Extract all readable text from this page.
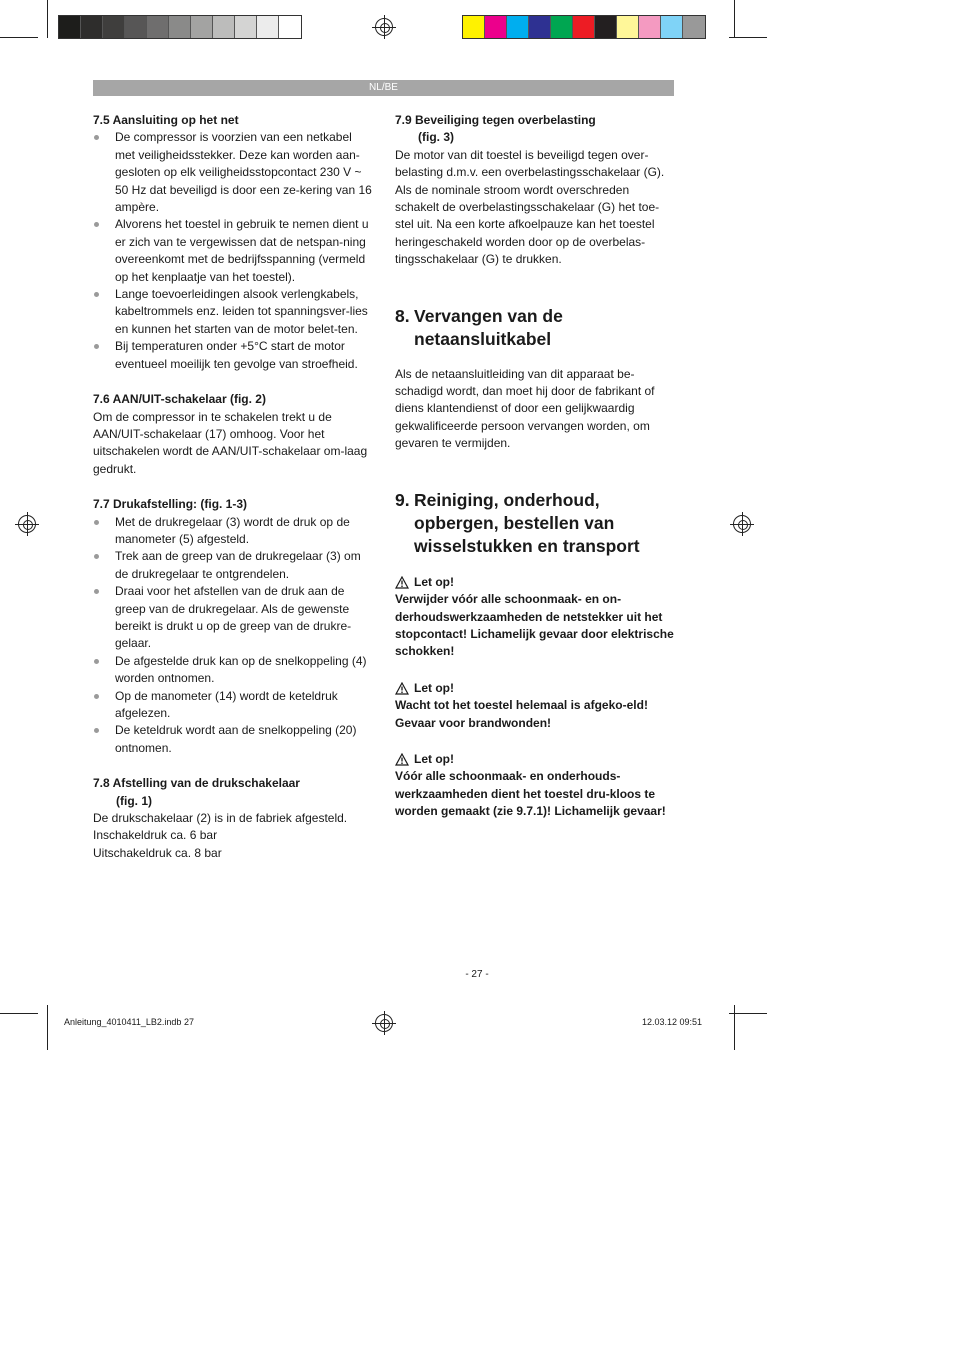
NL/BE

7.5 Aansluiting op het net

De compressor is voorzien van een netkabel met veiligheidsstekker. Deze kan worden aan-gesloten op elk veiligheidsstopcontact 230 V ~ 50 Hz dat beveiligd is door een ze-kering van 16 ampère.
Alvorens het toestel in gebruik te nemen dient u er zich van te vergewissen dat de netspan-ning overeenkomt met de bedrijfsspanning (vermeld op het kenplaatje van het toestel).
Lange toevoerleidingen alsook verlengkabels, kabeltrommels enz. leiden tot spanningsver-lies en kunnen het starten van de motor belet-ten.
Bij temperaturen onder +5°C start de motor eventueel moeilijk ten gevolge van stroefheid.

7.6 AAN/UIT-schakelaar (fig. 2)

Om de compressor in te schakelen trekt u de AAN/UIT-schakelaar (17) omhoog. Voor het uitschakelen wordt de AAN/UIT-schakelaar om-laag gedrukt.

7.7 Drukafstelling: (fig. 1-3)

Met de drukregelaar (3) wordt de druk op de manometer (5) afgesteld.
Trek aan de greep van de drukregelaar (3) om de drukregelaar te ontgrendelen.
Draai voor het afstellen van de druk aan de greep van de drukregelaar. Als de gewenste bereikt is drukt u op de greep van de drukre-gelaar.
De afgestelde druk kan op de snelkoppeling (4) worden ontnomen.
Op de manometer (14) wordt de keteldruk afgelezen.
De keteldruk wordt aan de snelkoppeling (20) ontnomen.

7.8 Afstelling van de drukschakelaar

(fig. 1)

De drukschakelaar (2) is in de fabriek afgesteld.

Inschakeldruk ca. 6 bar

Uitschakeldruk ca. 8 bar

7.9 Beveiliging tegen overbelasting

(fig. 3)

De motor van dit toestel is beveiligd tegen over-belasting d.m.v. een overbelastingsschakelaar (G). Als de nominale stroom wordt overschreden schakelt de overbelastingsschakelaar (G) het toe-stel uit. Na een korte afkoelpauze kan het toestel heringeschakeld worden door op de overbelas-tingsschakelaar (G) te drukken.

8. Vervangen van de
netaansluitkabel

Als de netaansluitleiding van dit apparaat be-schadigd wordt, dan moet hij door de fabrikant of diens klantendienst of door een gelijkwaardig gekwalificeerde persoon vervangen worden, om gevaren te vermijden.

9. Reiniging, onderhoud,
opbergen, bestellen van
wisselstukken en transport
Let op!

Verwijder vóór alle schoonmaak- en on-derhoudswerkzaamheden de netstekker uit het stopcontact! Lichamelijk gevaar door elektrische schokken!

Let op!

Wacht tot het toestel helemaal is afgeko-eld! Gevaar voor brandwonden!

Let op!

Vóór alle schoonmaak- en onderhouds-werkzaamheden dient het toestel dru-kloos te worden gemaakt (zie 9.7.1)! Lichamelijk gevaar!

- 27 -
Anleitung_4010411_LB2.indb 27	12.03.12 09:51
